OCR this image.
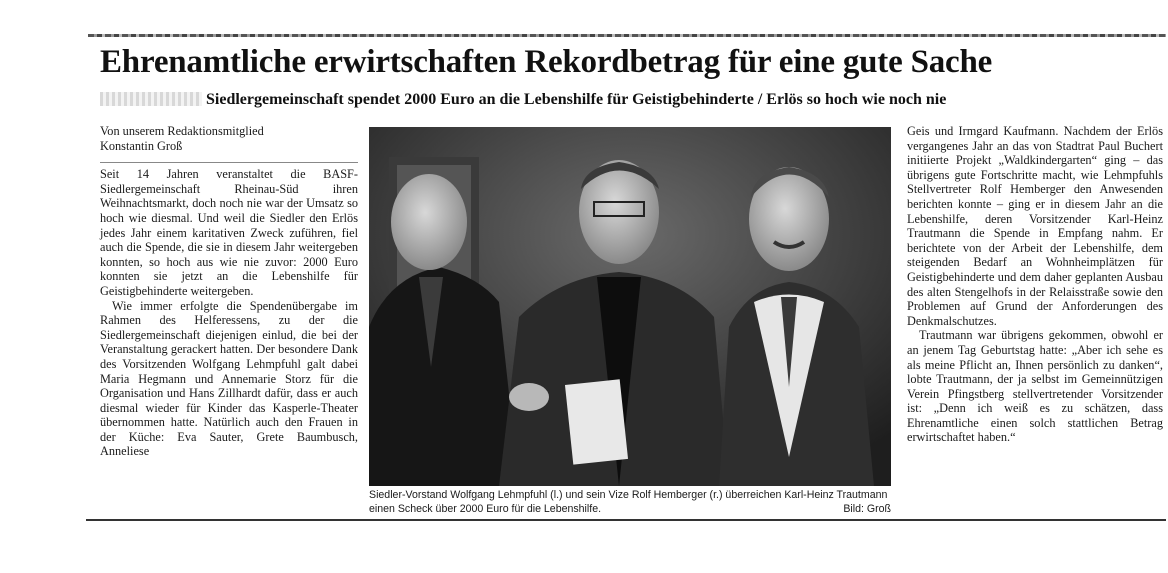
Ehrenamtliche erwirtschaften Rekordbetrag für eine gute Sache
Siedlergemeinschaft spendet 2000 Euro an die Lebenshilfe für Geistigbehinderte / Erlös so hoch wie noch nie
Von unserem Redaktionsmitglied
Konstantin Groß

Seit 14 Jahren veranstaltet die BASF-Siedlergemeinschaft Rheinau-Süd ihren Weihnachtsmarkt, doch noch nie war der Umsatz so hoch wie diesmal. Und weil die Siedler den Erlös jedes Jahr einem karitativen Zweck zuführen, fiel auch die Spende, die sie in diesem Jahr weitergeben konnten, so hoch aus wie nie zuvor: 2000 Euro konnten sie jetzt an die Lebenshilfe für Geistigbehinderte weitergeben.

Wie immer erfolgte die Spendenübergabe im Rahmen des Helferessens, zu der die Siedlergemeinschaft diejenigen einlud, die bei der Veranstaltung gerackert hatten. Der besondere Dank des Vorsitzenden Wolfgang Lehmpfuhl galt dabei Maria Hegmann und Annemarie Storz für die Organisation und Hans Zillhardt dafür, dass er auch diesmal wieder für Kinder das Kasperle-Theater übernommen hatte. Natürlich auch den Frauen in der Küche: Eva Sauter, Grete Baumbusch, Anneliese

Siedler-Vorstand Wolfgang Lehmpfuhl (l.) und sein Vize Rolf Hemberger (r.) überreichen Karl-Heinz Trautmann einen Scheck über 2000 Euro für die Lebenshilfe.	Bild: Groß

Geis und Irmgard Kaufmann. Nachdem der Erlös vergangenes Jahr an das von Stadtrat Paul Buchert initiierte Projekt „Waldkindergarten“ ging – das übrigens gute Fortschritte macht, wie Lehmpfuhls Stellvertreter Rolf Hemberger den Anwesenden berichten konnte – ging er in diesem Jahr an die Lebenshilfe, deren Vorsitzender Karl-Heinz Trautmann die Spende in Empfang nahm. Er berichtete von der Arbeit der Lebenshilfe, dem steigenden Bedarf an Wohnheimplätzen für Geistigbehinderte und dem daher geplanten Ausbau des alten Stengelhofs in der Relaisstraße sowie den Problemen auf Grund der Anforderungen des Denkmalschutzes.

Trautmann war übrigens gekommen, obwohl er an jenem Tag Geburtstag hatte: „Aber ich sehe es als meine Pflicht an, Ihnen persönlich zu danken“, lobte Trautmann, der ja selbst im Gemeinnützigen Verein Pfingstberg stellvertretender Vorsitzender ist: „Denn ich weiß es zu schätzen, dass Ehrenamtliche einen solch stattlichen Betrag erwirtschaftet haben.“
